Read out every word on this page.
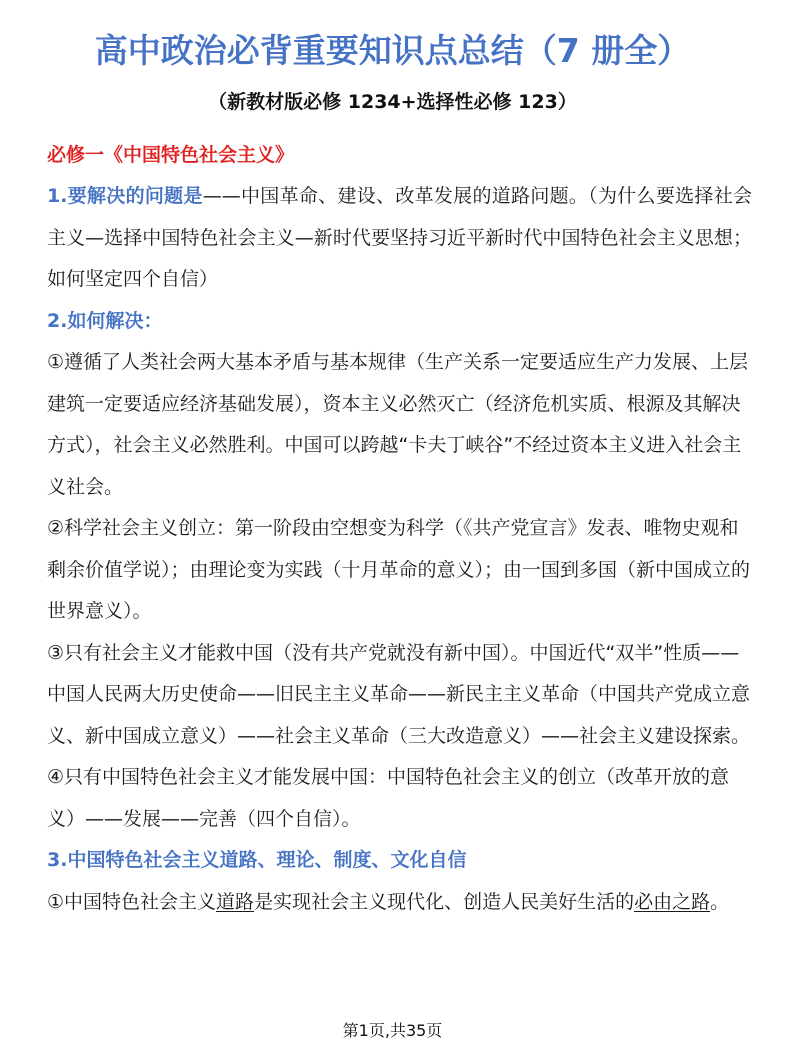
高中政治必背重要知识点总结（7 册全）
（新教材版必修 1234+选择性必修 123）
必修一《中国特色社会主义》

1.要解决的问题是——中国革命、建设、改革发展的道路问题。（为什么要选择社会主义—选择中国特色社会主义—新时代要坚持习近平新时代中国特色社会主义思想；如何坚定四个自信）

2.如何解决：

①遵循了人类社会两大基本矛盾与基本规律（生产关系一定要适应生产力发展、上层建筑一定要适应经济基础发展），资本主义必然灭亡（经济危机实质、根源及其解决方式），社会主义必然胜利。中国可以跨越“卡夫丁峡谷”不经过资本主义进入社会主义社会。

②科学社会主义创立：第一阶段由空想变为科学（《共产党宣言》发表、唯物史观和剩余价值学说）；由理论变为实践（十月革命的意义）；由一国到多国（新中国成立的世界意义）。

③只有社会主义才能救中国（没有共产党就没有新中国）。中国近代“双半”性质——中国人民两大历史使命——旧民主主义革命——新民主主义革命（中国共产党成立意义、新中国成立意义）——社会主义革命（三大改造意义）——社会主义建设探索。

④只有中国特色社会主义才能发展中国：中国特色社会主义的创立（改革开放的意义）——发展——完善（四个自信）。

3.中国特色社会主义道路、理论、制度、文化自信

①中国特色社会主义道路是实现社会主义现代化、创造人民美好生活的必由之路。

第1页,共35页
